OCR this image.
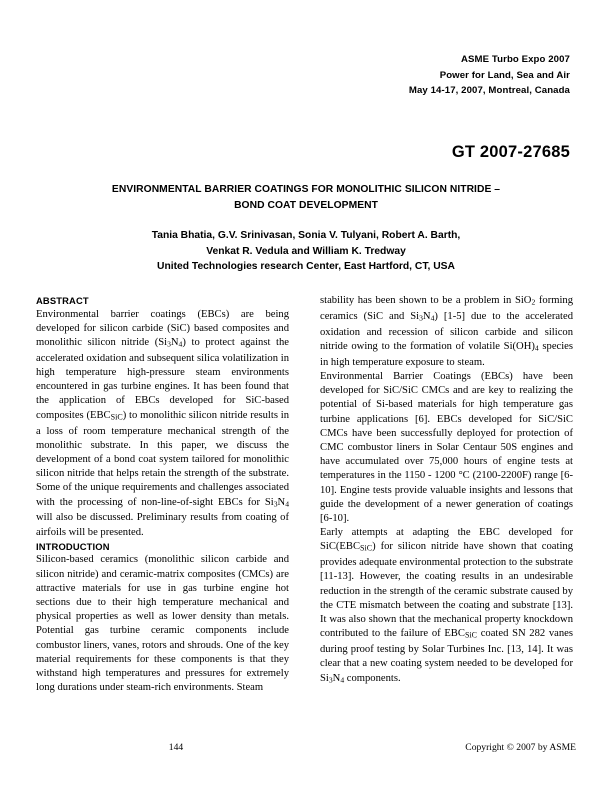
ASME Turbo Expo 2007
Power for Land, Sea and Air
May 14-17, 2007, Montreal, Canada
GT 2007-27685
ENVIRONMENTAL BARRIER COATINGS FOR MONOLITHIC SILICON NITRIDE –
BOND COAT DEVELOPMENT
Tania Bhatia, G.V. Srinivasan, Sonia V. Tulyani, Robert A. Barth,
Venkat R. Vedula and William K. Tredway
United Technologies research Center, East Hartford, CT, USA
ABSTRACT

Environmental barrier coatings (EBCs) are being developed for silicon carbide (SiC) based composites and monolithic silicon nitride $(Si_3N_4)$ to protect against the accelerated oxidation and subsequent silica volatilization in high temperature high-pressure steam environments encountered in gas turbine engines. It has been found that the application of EBCs developed for SiC-based composites $(EBC_{SiC})$ to monolithic silicon nitride results in a loss of room temperature mechanical strength of the monolithic substrate. In this paper, we discuss the development of a bond coat system tailored for monolithic silicon nitride that helps retain the strength of the substrate. Some of the unique requirements and challenges associated with the processing of non-line-of-sight EBCs for $Si_3N_4$ will also be discussed. Preliminary results from coating of airfoils will be presented.

INTRODUCTION

Silicon-based ceramics (monolithic silicon carbide and silicon nitride) and ceramic-matrix composites (CMCs) are attractive materials for use in gas turbine engine hot sections due to their high temperature mechanical and physical properties as well as lower density than metals. Potential gas turbine ceramic components include combustor liners, vanes, rotors and shrouds. One of the key material requirements for these components is that they withstand high temperatures and pressures for extremely long durations under steam-rich environments. Steam

stability has been shown to be a problem in SiO$_2$ forming ceramics (SiC and $Si_3N_4$) [1-5] due to the accelerated oxidation and recession of silicon carbide and silicon nitride owing to the formation of volatile $Si(OH)_4$ species in high temperature exposure to steam.

Environmental Barrier Coatings (EBCs) have been developed for SiC/SiC CMCs and are key to realizing the potential of Si-based materials for high temperature gas turbine applications [6]. EBCs developed for SiC/SiC CMCs have been successfully deployed for protection of CMC combustor liners in Solar Centaur 50S engines and have accumulated over 75,000 hours of engine tests at temperatures in the 1150 - 1200 °C (2100-2200F) range [6-10]. Engine tests provide valuable insights and lessons that guide the development of a newer generation of coatings [6-10].

Early attempts at adapting the EBC developed for $SiC(EBC_{SiC})$ for silicon nitride have shown that coating provides adequate environmental protection to the substrate [11-13]. However, the coating results in an undesirable reduction in the strength of the ceramic substrate caused by the CTE mismatch between the coating and substrate [13]. It was also shown that the mechanical property knockdown contributed to the failure of $EBC_{SiC}$ coated SN 282 vanes during proof testing by Solar Turbines Inc. [13, 14]. It was clear that a new coating system needed to be developed for $Si_3N_4$ components.

144	Copyright © 2007 by ASME
